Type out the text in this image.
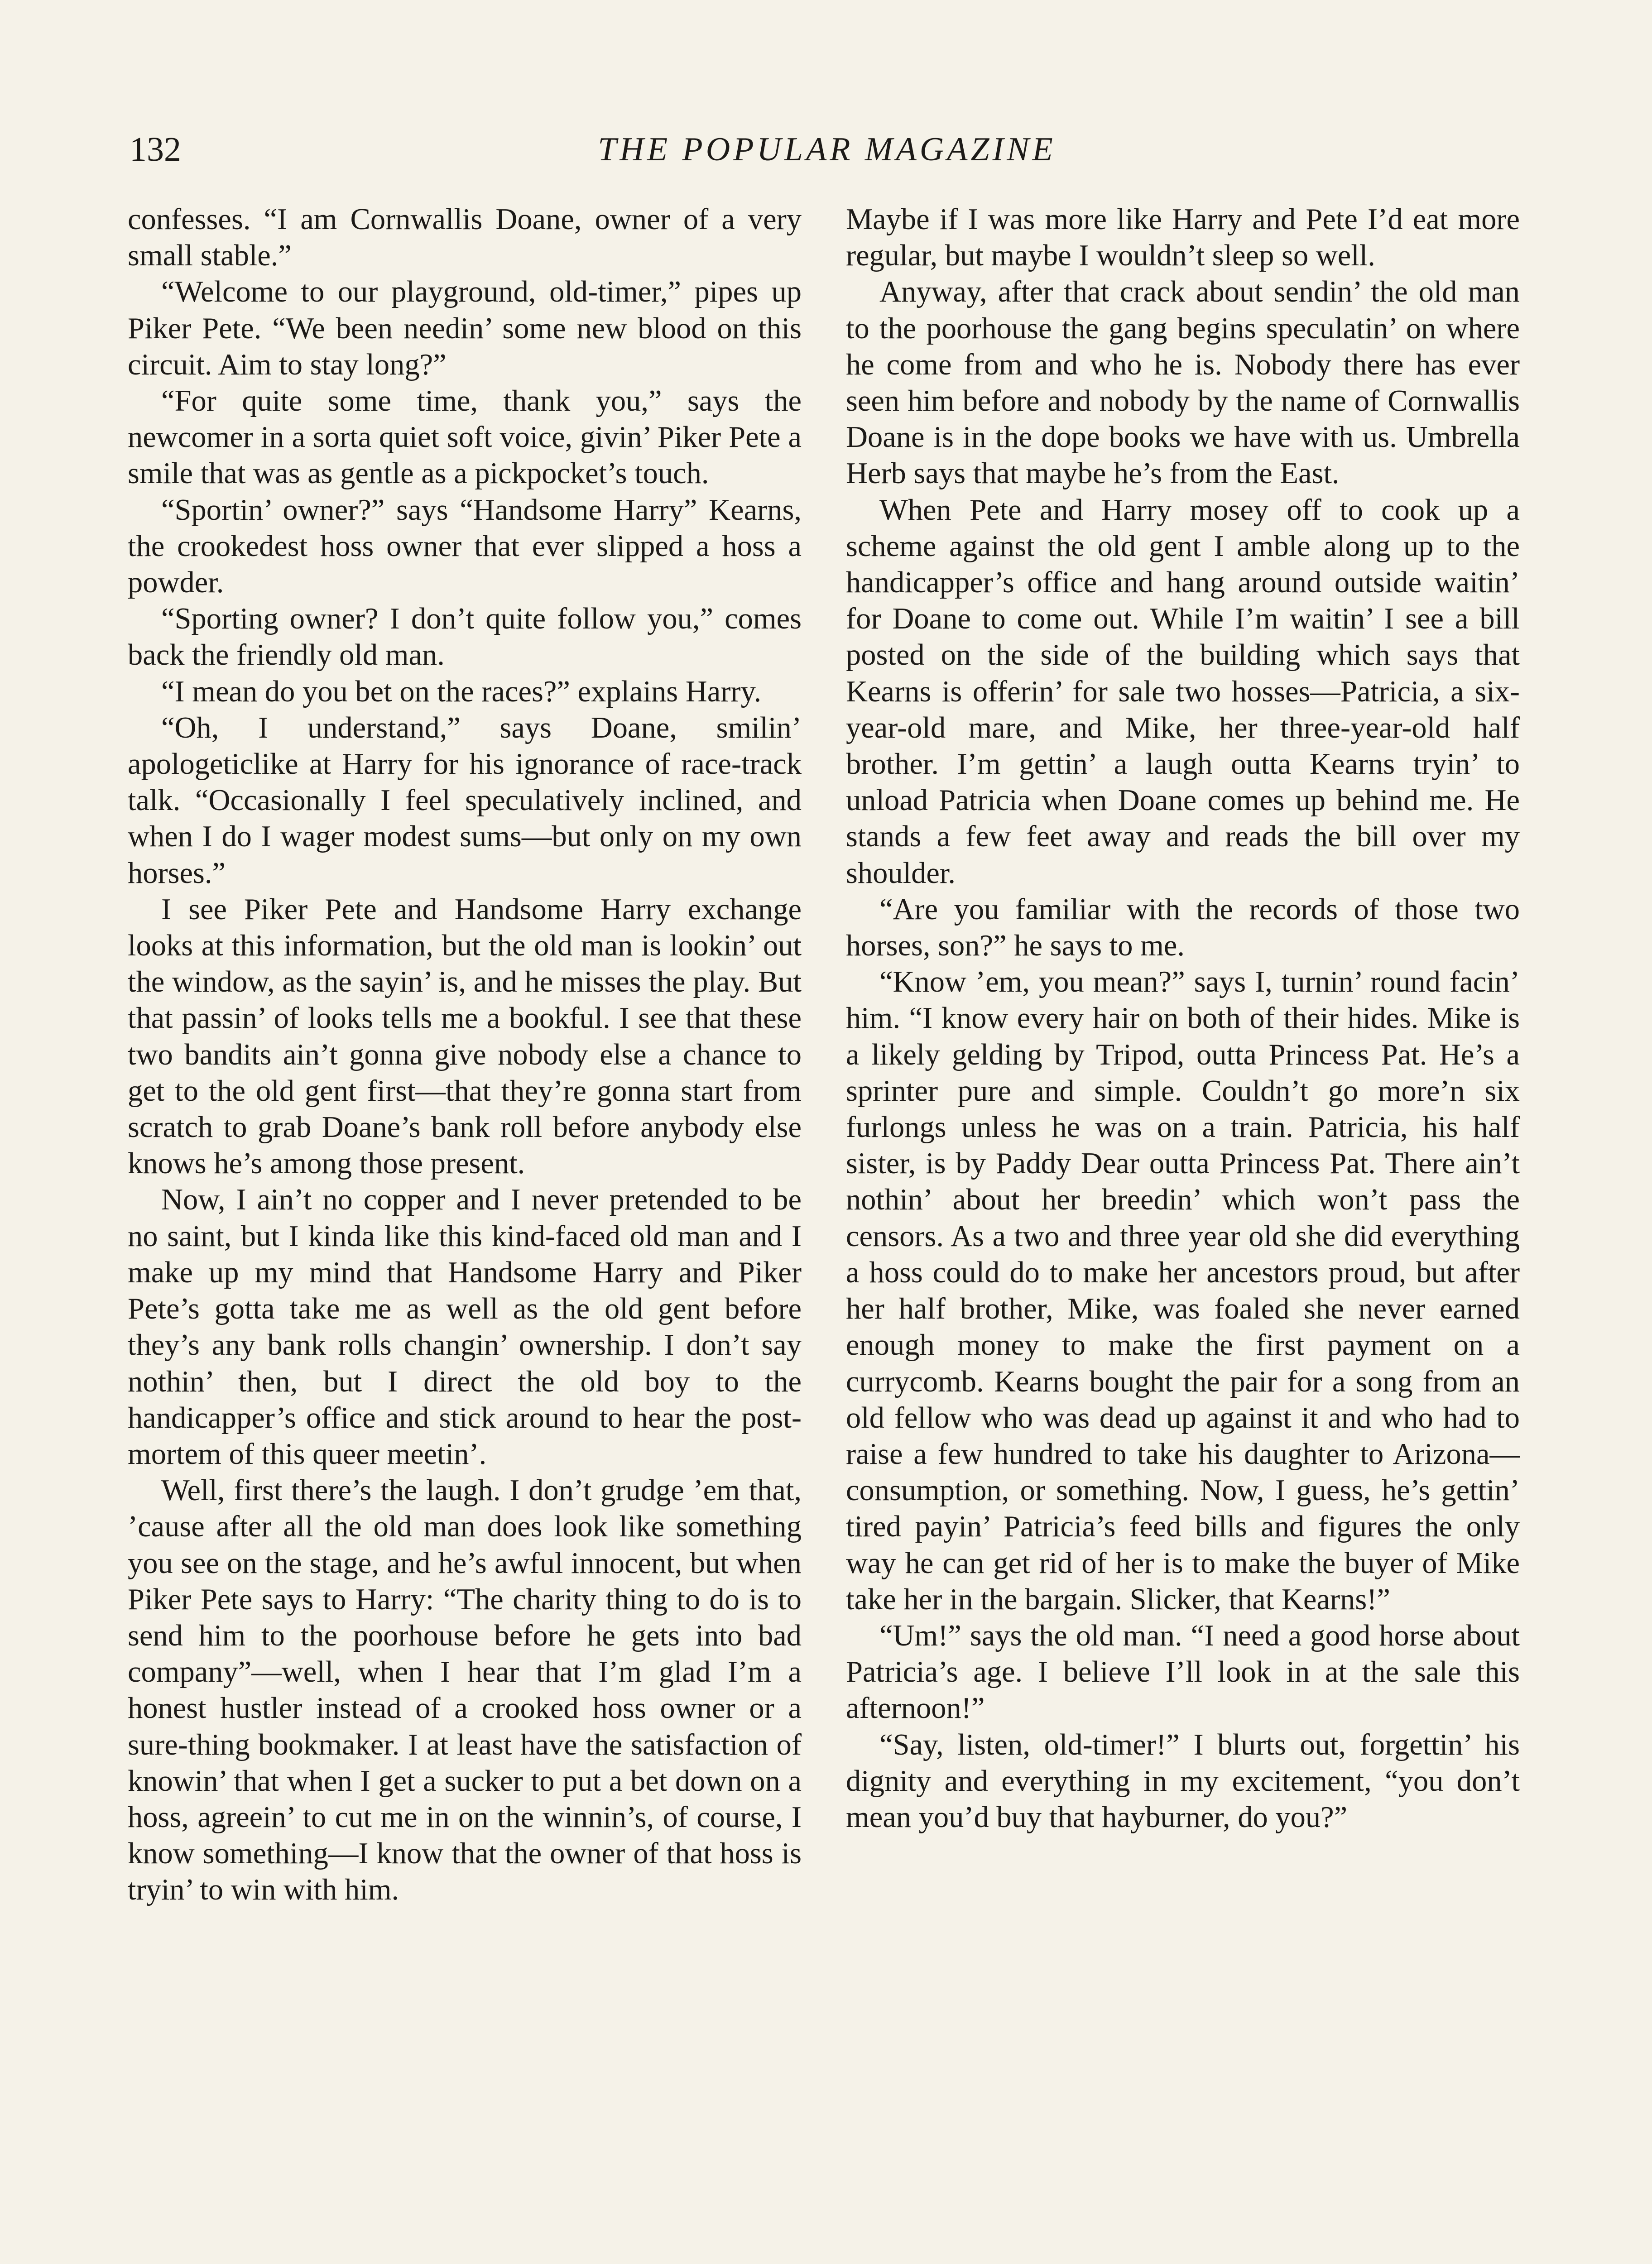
132	THE POPULAR MAGAZINE

confesses. “I am Cornwallis Doane, owner of a very small stable.”

“Welcome to our playground, old-timer,” pipes up Piker Pete. “We been needin’ some new blood on this circuit. Aim to stay long?”

“For quite some time, thank you,” says the newcomer in a sorta quiet soft voice, givin’ Piker Pete a smile that was as gentle as a pickpocket’s touch.

“Sportin’ owner?” says “Handsome Harry” Kearns, the crookedest hoss owner that ever slipped a hoss a powder.

“Sporting owner? I don’t quite follow you,” comes back the friendly old man.

“I mean do you bet on the races?” explains Harry.

“Oh, I understand,” says Doane, smilin’ apologeticlike at Harry for his ignorance of race-track talk. “Occasionally I feel speculatively inclined, and when I do I wager modest sums—but only on my own horses.”

I see Piker Pete and Handsome Harry exchange looks at this information, but the old man is lookin’ out the window, as the sayin’ is, and he misses the play. But that passin’ of looks tells me a bookful. I see that these two bandits ain’t gonna give nobody else a chance to get to the old gent first—that they’re gonna start from scratch to grab Doane’s bank roll before anybody else knows he’s among those present.

Now, I ain’t no copper and I never pretended to be no saint, but I kinda like this kind-faced old man and I make up my mind that Handsome Harry and Piker Pete’s gotta take me as well as the old gent before they’s any bank rolls changin’ ownership. I don’t say nothin’ then, but I direct the old boy to the handicapper’s office and stick around to hear the post-mortem of this queer meetin’.

Well, first there’s the laugh. I don’t grudge ’em that, ’cause after all the old man does look like something you see on the stage, and he’s awful innocent, but when Piker Pete says to Harry: “The charity thing to do is to send him to the poorhouse before he gets into bad company”—well, when I hear that I’m glad I’m a honest hustler instead of a crooked hoss owner or a sure-thing bookmaker. I at least have the satisfaction of knowin’ that when I get a sucker to put a bet down on a hoss, agreein’ to cut me in on the winnin’s, of course, I know something—I know that the owner of that hoss is tryin’ to win with him.

Maybe if I was more like Harry and Pete I’d eat more regular, but maybe I wouldn’t sleep so well.

Anyway, after that crack about sendin’ the old man to the poorhouse the gang begins speculatin’ on where he come from and who he is. Nobody there has ever seen him before and nobody by the name of Cornwallis Doane is in the dope books we have with us. Umbrella Herb says that maybe he’s from the East.

When Pete and Harry mosey off to cook up a scheme against the old gent I amble along up to the handicapper’s office and hang around outside waitin’ for Doane to come out. While I’m waitin’ I see a bill posted on the side of the building which says that Kearns is offerin’ for sale two hosses—Patricia, a six-year-old mare, and Mike, her three-year-old half brother. I’m gettin’ a laugh outta Kearns tryin’ to unload Patricia when Doane comes up behind me. He stands a few feet away and reads the bill over my shoulder.

“Are you familiar with the records of those two horses, son?” he says to me.

“Know ’em, you mean?” says I, turnin’ round facin’ him. “I know every hair on both of their hides. Mike is a likely gelding by Tripod, outta Princess Pat. He’s a sprinter pure and simple. Couldn’t go more’n six furlongs unless he was on a train. Patricia, his half sister, is by Paddy Dear outta Princess Pat. There ain’t nothin’ about her breedin’ which won’t pass the censors. As a two and three year old she did everything a hoss could do to make her ancestors proud, but after her half brother, Mike, was foaled she never earned enough money to make the first payment on a currycomb. Kearns bought the pair for a song from an old fellow who was dead up against it and who had to raise a few hundred to take his daughter to Arizona—consumption, or something. Now, I guess, he’s gettin’ tired payin’ Patricia’s feed bills and figures the only way he can get rid of her is to make the buyer of Mike take her in the bargain. Slicker, that Kearns!”

“Um!” says the old man. “I need a good horse about Patricia’s age. I believe I’ll look in at the sale this afternoon!”

“Say, listen, old-timer!” I blurts out, forgettin’ his dignity and everything in my excitement, “you don’t mean you’d buy that hayburner, do you?”
